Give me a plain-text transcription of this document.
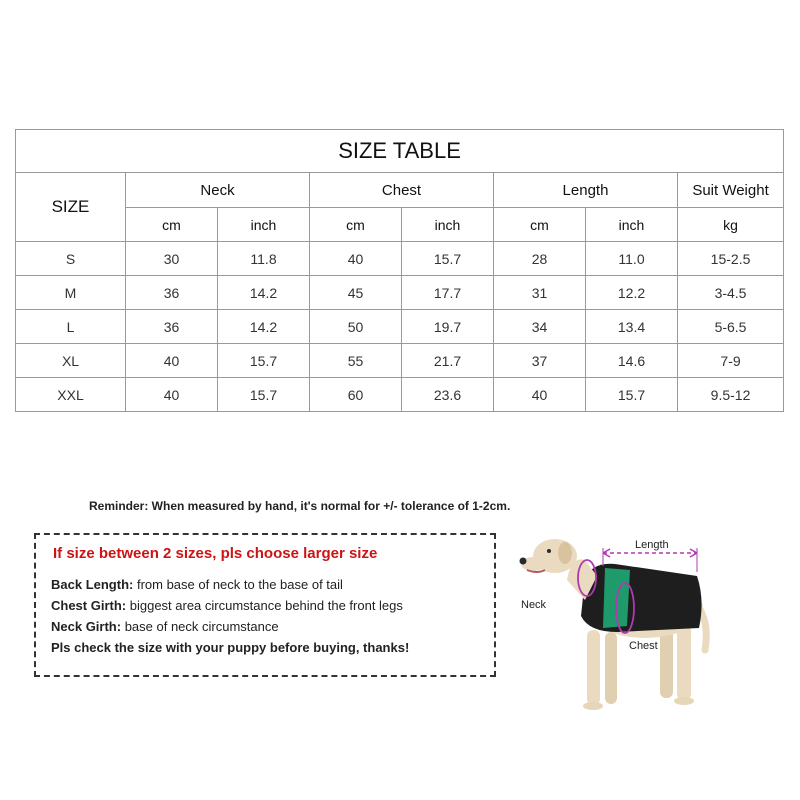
SIZE TABLE							
SIZE	Neck		Chest		Length		Suit Weight
	cm	inch	cm	inch	cm	inch	kg
S	30	11.8	40	15.7	28	11.0	15-2.5
M	36	14.2	45	17.7	31	12.2	3-4.5
L	36	14.2	50	19.7	34	13.4	5-6.5
XL	40	15.7	55	21.7	37	14.6	7-9
XXL	40	15.7	60	23.6	40	15.7	9.5-12
Reminder: When measured by hand, it's normal for +/- tolerance of 1-2cm.
If size between 2 sizes, pls choose larger size
Back Length: from base of neck to the base of tail
Chest Girth: biggest area circumstance behind the front legs
Neck Girth: base of neck circumstance
Pls check the size with your puppy before buying, thanks!
Length
Neck
Chest
